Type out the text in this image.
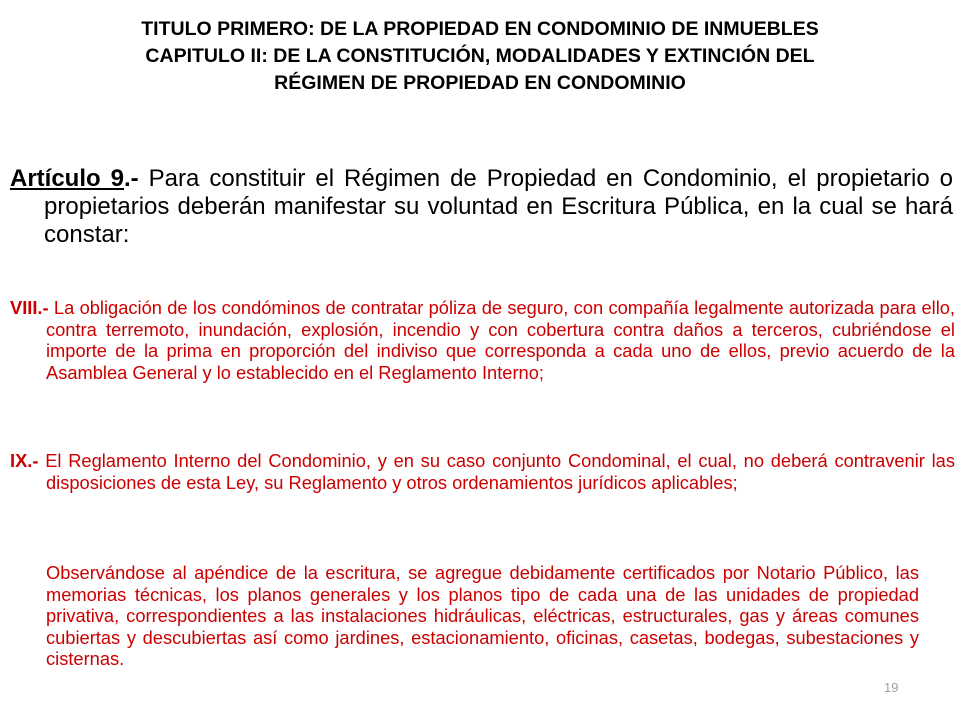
TITULO PRIMERO: DE LA PROPIEDAD EN CONDOMINIO DE INMUEBLES
CAPITULO II: DE LA CONSTITUCIÓN, MODALIDADES Y EXTINCIÓN DEL
RÉGIMEN DE PROPIEDAD EN CONDOMINIO
Artículo 9.- Para constituir el Régimen de Propiedad en Condominio, el propietario o propietarios deberán manifestar su voluntad en Escritura Pública, en la cual se hará constar:
VIII.- La obligación de los condóminos de contratar póliza de seguro, con compañía legalmente autorizada para ello, contra terremoto, inundación, explosión, incendio y con cobertura contra daños a terceros, cubriéndose el importe de la prima en proporción del indiviso que corresponda a cada uno de ellos, previo acuerdo de la Asamblea General y lo establecido en el Reglamento Interno;
IX.- El Reglamento Interno del Condominio, y en su caso conjunto Condominal, el cual, no deberá contravenir las disposiciones de esta Ley, su Reglamento y otros ordenamientos jurídicos aplicables;
Observándose al apéndice de la escritura, se agregue debidamente certificados por Notario Público, las memorias técnicas, los planos generales y los planos tipo de cada una de las unidades de propiedad privativa, correspondientes a las instalaciones hidráulicas, eléctricas, estructurales, gas y áreas comunes cubiertas y descubiertas así como jardines, estacionamiento, oficinas, casetas, bodegas, subestaciones y cisternas.
19
